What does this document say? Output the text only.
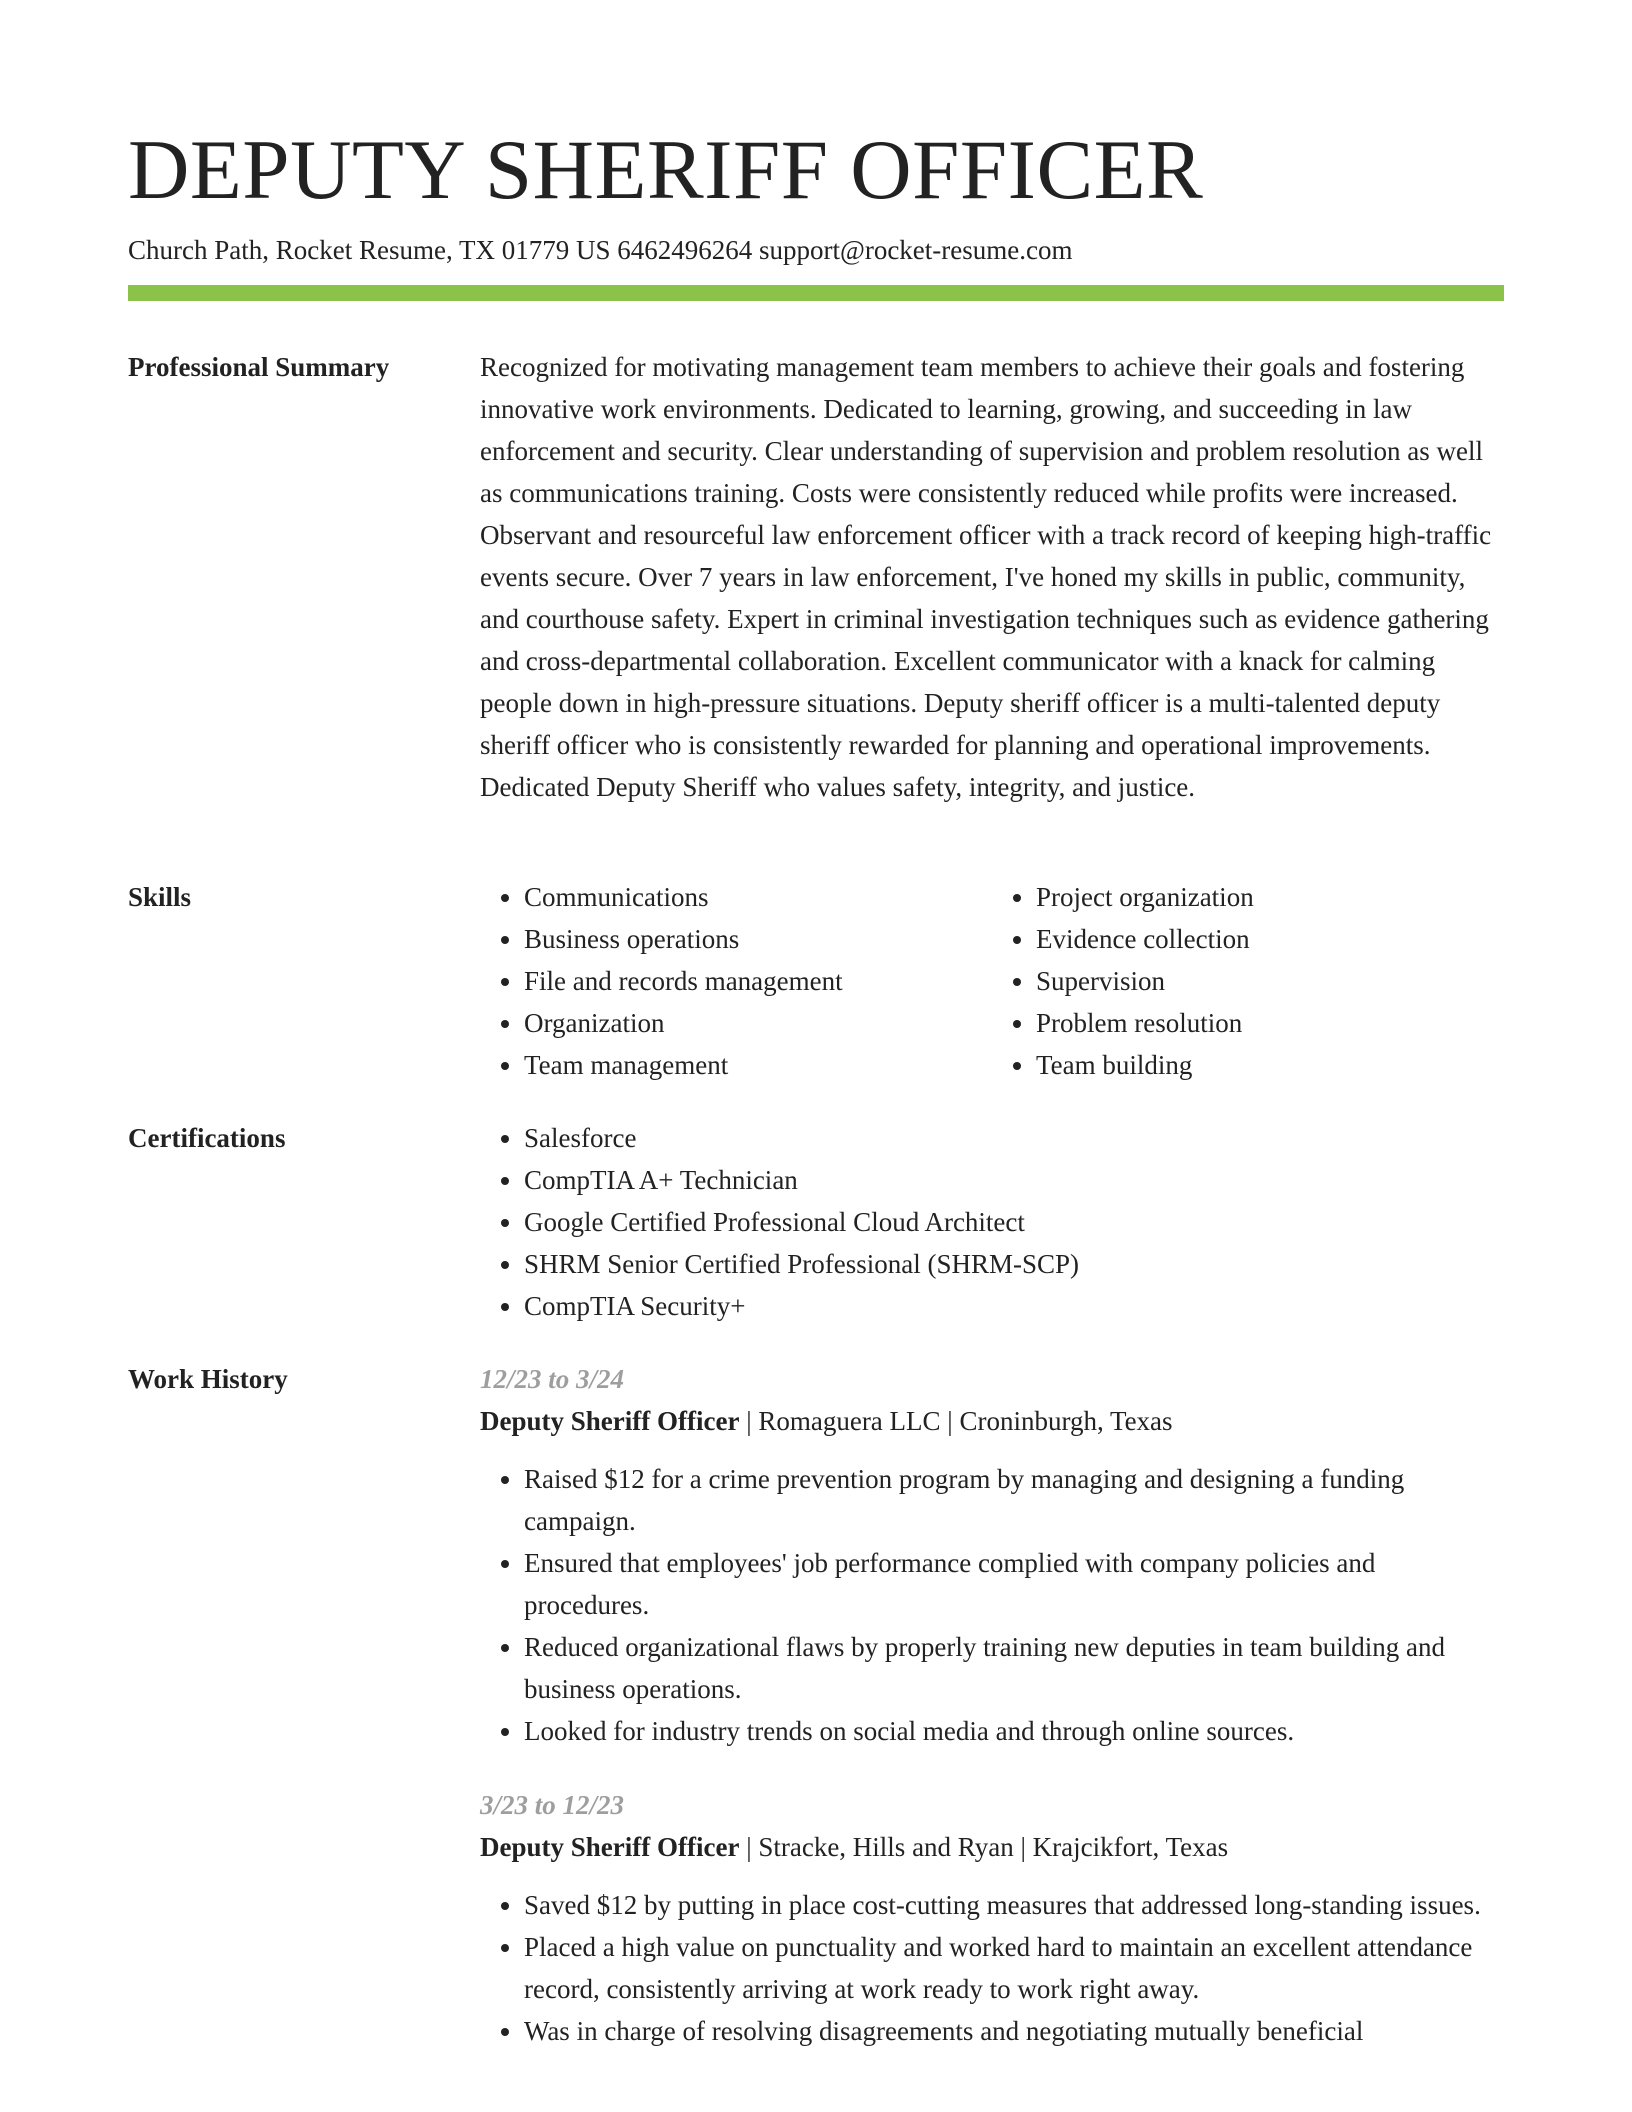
DEPUTY SHERIFF OFFICER
Church Path, Rocket Resume, TX 01779 US 6462496264 support@rocket-resume.com
Professional Summary	Recognized for motivating management team members to achieve their goals and fostering innovative work environments. Dedicated to learning, growing, and succeeding in law enforcement and security. Clear understanding of supervision and problem resolution as well as communications training. Costs were consistently reduced while profits were increased. Observant and resourceful law enforcement officer with a track record of keeping high-traffic events secure. Over 7 years in law enforcement, I've honed my skills in public, community, and courthouse safety. Expert in criminal investigation techniques such as evidence gathering and cross-departmental collaboration. Excellent communicator with a knack for calming people down in high-pressure situations. Deputy sheriff officer is a multi-talented deputy sheriff officer who is consistently rewarded for planning and operational improvements. Dedicated Deputy Sheriff who values safety, integrity, and justice.

Skills	• Communications
• Business operations
• File and records management
• Organization
• Team management
• Project organization
• Evidence collection
• Supervision
• Problem resolution
• Team building
Certifications	• Salesforce
• CompTIA A+ Technician
• Google Certified Professional Cloud Architect
• SHRM Senior Certified Professional (SHRM-SCP)
• CompTIA Security+
Work History	12/23 to 3/24
Deputy Sheriff Officer | Romaguera LLC | Croninburgh, Texas
• Raised $12 for a crime prevention program by managing and designing a funding campaign.
• Ensured that employees' job performance complied with company policies and procedures.
• Reduced organizational flaws by properly training new deputies in team building and business operations.
• Looked for industry trends on social media and through online sources.
3/23 to 12/23
Deputy Sheriff Officer | Stracke, Hills and Ryan | Krajcikfort, Texas
• Saved $12 by putting in place cost-cutting measures that addressed long-standing issues.
• Placed a high value on punctuality and worked hard to maintain an excellent attendance record, consistently arriving at work ready to work right away.
• Was in charge of resolving disagreements and negotiating mutually beneficial
